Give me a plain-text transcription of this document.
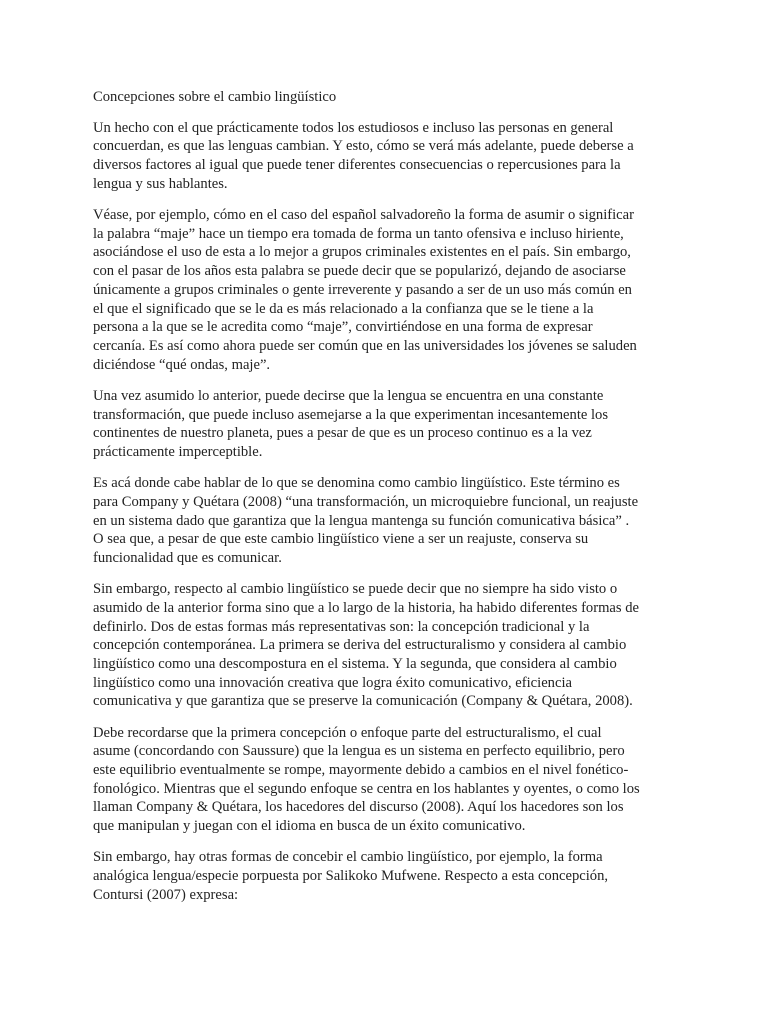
Concepciones sobre el cambio lingüístico

Un hecho con el que prácticamente todos los estudiosos e incluso las personas en general
concuerdan, es que las lenguas cambian. Y esto, cómo se verá más adelante, puede deberse a
diversos factores al igual que puede tener diferentes consecuencias o repercusiones para la
lengua y sus hablantes.

Véase, por ejemplo, cómo en el caso del español salvadoreño la forma de asumir o significar
la palabra “maje” hace un tiempo era tomada de forma un tanto ofensiva e incluso hiriente,
asociándose el uso de esta a lo mejor a grupos criminales existentes en el país. Sin embargo,
con el pasar de los años esta palabra se puede decir que se popularizó, dejando de asociarse
únicamente a grupos criminales o gente irreverente y pasando a ser de un uso más común en
el que el significado que se le da es más relacionado a la confianza que se le tiene a la
persona a la que se le acredita como “maje”, convirtiéndose en una forma de expresar
cercanía. Es así como ahora puede ser común que en las universidades los jóvenes se saluden
diciéndose “qué ondas, maje”.

Una vez asumido lo anterior, puede decirse que la lengua se encuentra en una constante
transformación, que puede incluso asemejarse a la que experimentan incesantemente los
continentes de nuestro planeta, pues a pesar de que es un proceso continuo es a la vez
prácticamente imperceptible.

Es acá donde cabe hablar de lo que se denomina como cambio lingüístico. Este término es
para Company y Quétara (2008) “una transformación, un microquiebre funcional, un reajuste
en un sistema dado que garantiza que la lengua mantenga su función comunicativa básica” .
O sea que, a pesar de que este cambio lingüístico viene a ser un reajuste, conserva su
funcionalidad que es comunicar.

Sin embargo, respecto al cambio lingüístico se puede decir que no siempre ha sido visto o
asumido de la anterior forma sino que a lo largo de la historia, ha habido diferentes formas de
definirlo. Dos de estas formas más representativas son: la concepción tradicional y la
concepción contemporánea. La primera se deriva del estructuralismo y considera al cambio
lingüístico como una descompostura en el sistema. Y la segunda, que considera al cambio
lingüístico como una innovación creativa que logra éxito comunicativo, eficiencia
comunicativa y que garantiza que se preserve la comunicación (Company & Quétara, 2008).

Debe recordarse que la primera concepción o enfoque parte del estructuralismo, el cual
asume (concordando con Saussure) que la lengua es un sistema en perfecto equilibrio, pero
este equilibrio eventualmente se rompe, mayormente debido a cambios en el nivel fonético-
fonológico. Mientras que el segundo enfoque se centra en los hablantes y oyentes, o como los
llaman Company & Quétara, los hacedores del discurso (2008). Aquí los hacedores son los
que manipulan y juegan con el idioma en busca de un éxito comunicativo.

Sin embargo, hay otras formas de concebir el cambio lingüístico, por ejemplo, la forma
analógica lengua/especie porpuesta por Salikoko Mufwene. Respecto a esta concepción,
Contursi (2007) expresa:
